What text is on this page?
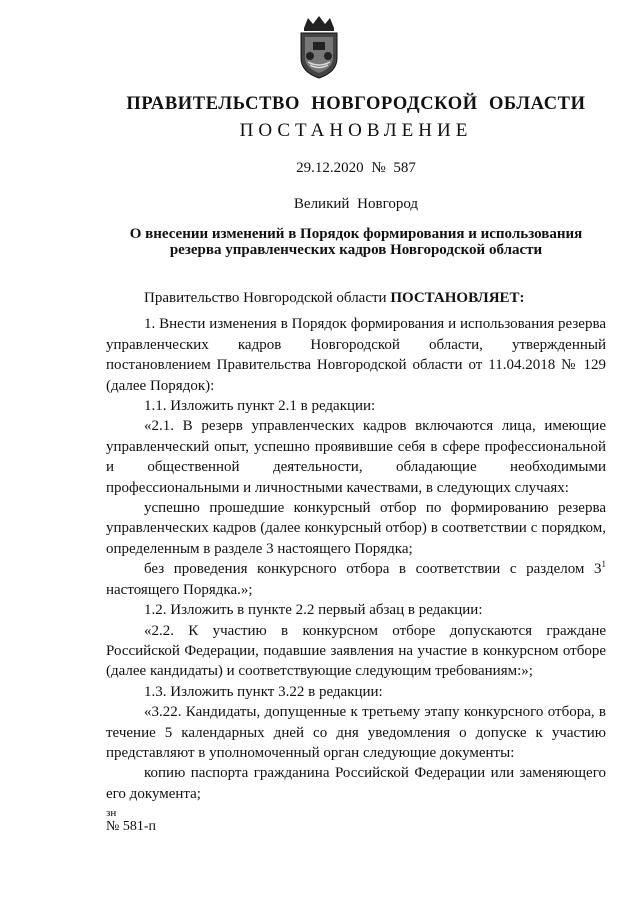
ПРАВИТЕЛЬСТВО НОВГОРОДСКОЙ ОБЛАСТИ
ПОСТАНОВЛЕНИЕ
29.12.2020 № 587
Великий Новгород
О внесении изменений в Порядок формирования и использования резерва управленческих кадров Новгородской области

Правительство Новгородской области ПОСТАНОВЛЯЕТ:

1. Внести изменения в Порядок формирования и использования резерва управленческих кадров Новгородской области, утвержденный постановлением Правительства Новгородской области от 11.04.2018 № 129 (далее Порядок):

1.1. Изложить пункт 2.1 в редакции:

«2.1. В резерв управленческих кадров включаются лица, имеющие управленческий опыт, успешно проявившие себя в сфере профессиональной и общественной деятельности, обладающие необходимыми профессиональными и личностными качествами, в следующих случаях:

успешно прошедшие конкурсный отбор по формированию резерва управленческих кадров (далее конкурсный отбор) в соответствии с порядком, определенным в разделе 3 настоящего Порядка;

без проведения конкурсного отбора в соответствии с разделом $3^1$ настоящего Порядка.»;

1.2. Изложить в пункте 2.2 первый абзац в редакции:

«2.2. К участию в конкурсном отборе допускаются граждане Российской Федерации, подавшие заявления на участие в конкурсном отборе (далее кандидаты) и соответствующие следующим требованиям:»;

1.3. Изложить пункт 3.22 в редакции:

«3.22. Кандидаты, допущенные к третьему этапу конкурсного отбора, в течение 5 календарных дней со дня уведомления о допуске к участию представляют в уполномоченный орган следующие документы:

копию паспорта гражданина Российской Федерации или заменяющего его документа;

зн
№ 581-п
